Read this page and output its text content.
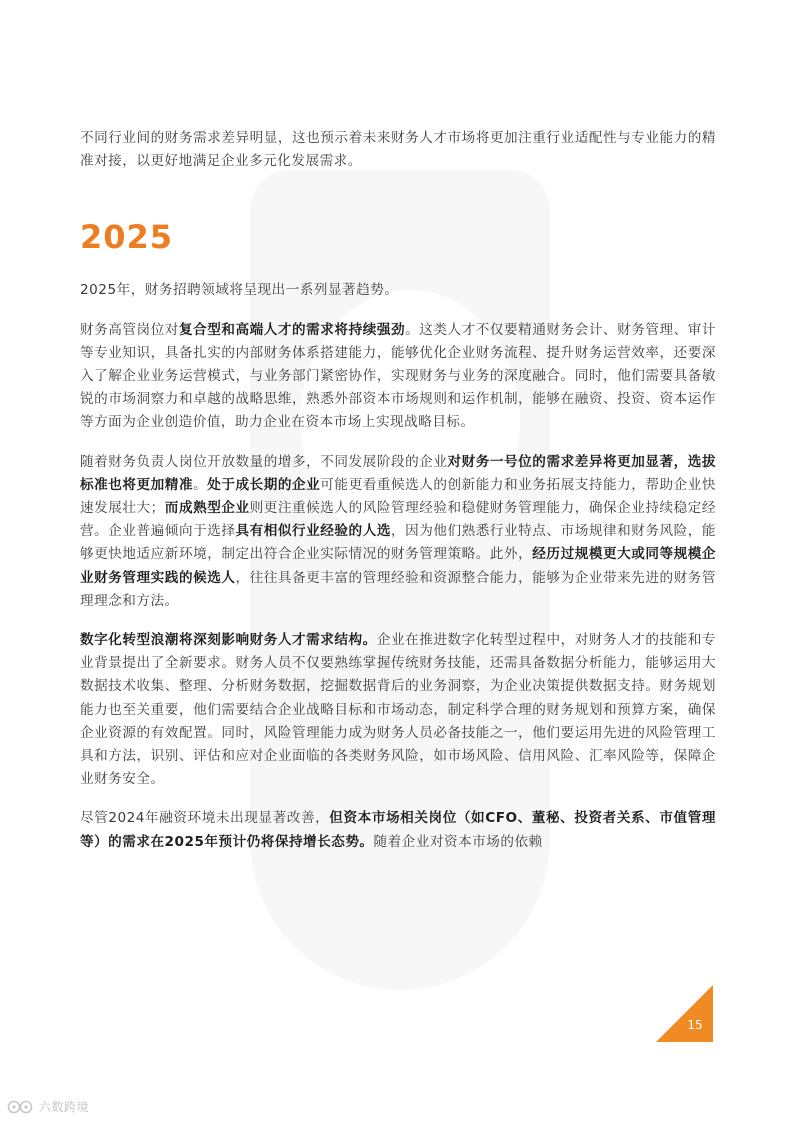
不同行业间的财务需求差异明显，这也预示着未来财务人才市场将更加注重行业适配性与专业能力的精准对接，以更好地满足企业多元化发展需求。

2025

2025年，财务招聘领域将呈现出一系列显著趋势。

财务高管岗位对复合型和高端人才的需求将持续强劲。这类人才不仅要精通财务会计、财务管理、审计等专业知识，具备扎实的内部财务体系搭建能力，能够优化企业财务流程、提升财务运营效率，还要深入了解企业业务运营模式，与业务部门紧密协作，实现财务与业务的深度融合。同时，他们需要具备敏锐的市场洞察力和卓越的战略思维，熟悉外部资本市场规则和运作机制，能够在融资、投资、资本运作等方面为企业创造价值，助力企业在资本市场上实现战略目标。

随着财务负责人岗位开放数量的增多，不同发展阶段的企业对财务一号位的需求差异将更加显著，选拔标准也将更加精准。处于成长期的企业可能更看重候选人的创新能力和业务拓展支持能力，帮助企业快速发展壮大；而成熟型企业则更注重候选人的风险管理经验和稳健财务管理能力，确保企业持续稳定经营。企业普遍倾向于选择具有相似行业经验的人选，因为他们熟悉行业特点、市场规律和财务风险，能够更快地适应新环境，制定出符合企业实际情况的财务管理策略。此外，经历过规模更大或同等规模企业财务管理实践的候选人，往往具备更丰富的管理经验和资源整合能力，能够为企业带来先进的财务管理理念和方法。

数字化转型浪潮将深刻影响财务人才需求结构。企业在推进数字化转型过程中，对财务人才的技能和专业背景提出了全新要求。财务人员不仅要熟练掌握传统财务技能，还需具备数据分析能力，能够运用大数据技术收集、整理、分析财务数据，挖掘数据背后的业务洞察，为企业决策提供数据支持。财务规划能力也至关重要，他们需要结合企业战略目标和市场动态，制定科学合理的财务规划和预算方案，确保企业资源的有效配置。同时，风险管理能力成为财务人员必备技能之一，他们要运用先进的风险管理工具和方法，识别、评估和应对企业面临的各类财务风险，如市场风险、信用风险、汇率风险等，保障企业财务安全。

尽管2024年融资环境未出现显著改善，但资本市场相关岗位（如CFO、董秘、投资者关系、市值管理等）的需求在2025年预计仍将保持增长态势。随着企业对资本市场的依赖

15
六数跨境
